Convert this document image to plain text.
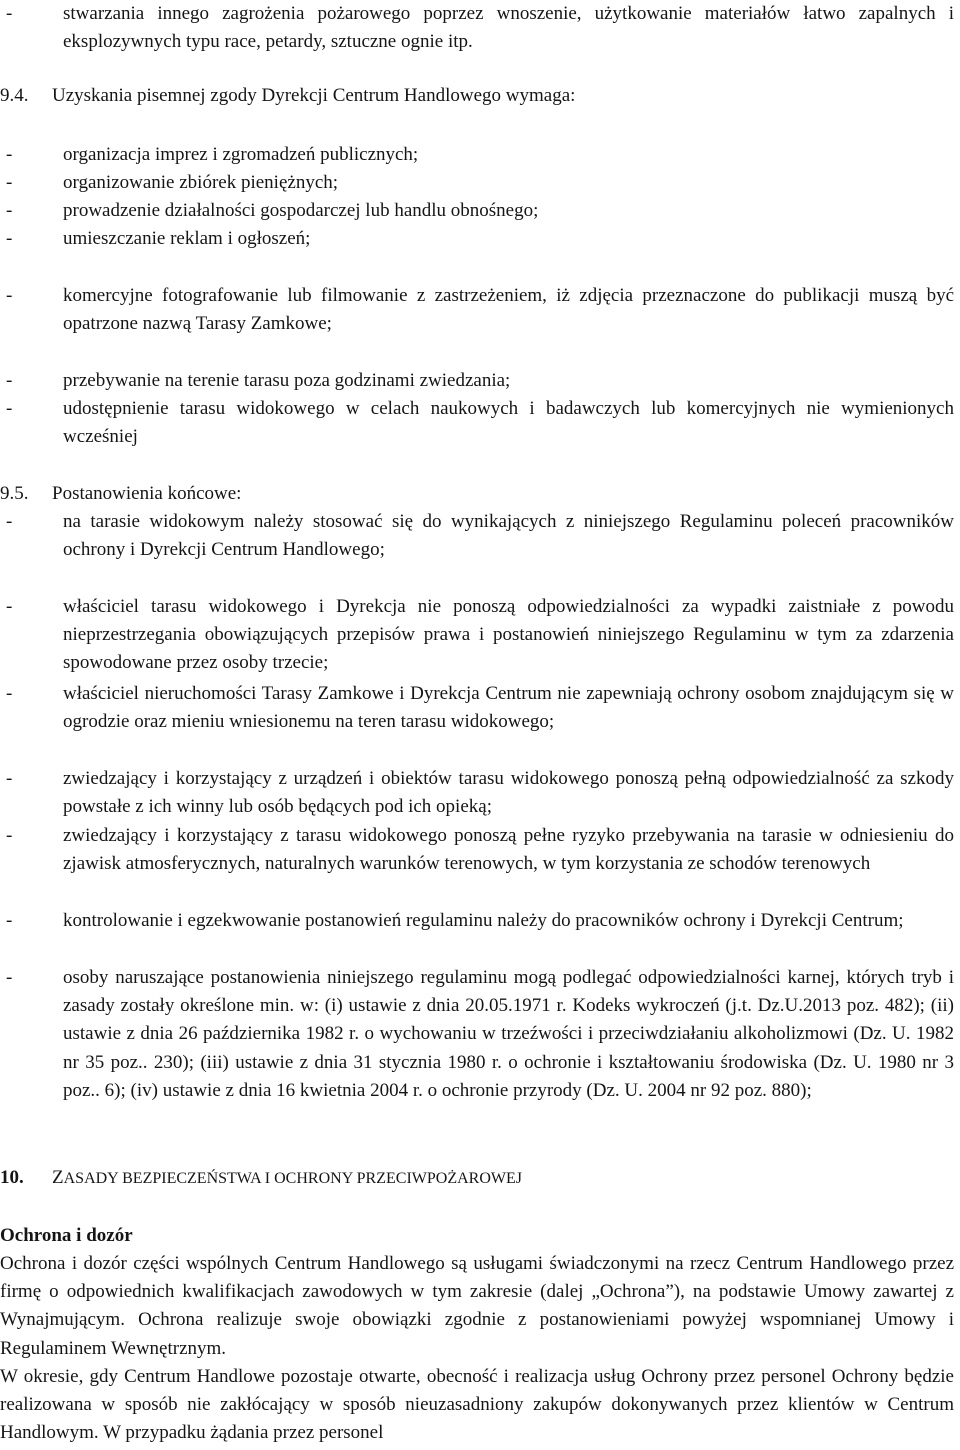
-	stwarzania innego zagrożenia pożarowego poprzez wnoszenie, użytkowanie materiałów łatwo zapalnych i eksplozywnych typu race, petardy, sztuczne ognie itp.
9.4. Uzyskania pisemnej zgody Dyrekcji Centrum Handlowego wymaga:
-	organizacja imprez i zgromadzeń publicznych;
-	organizowanie zbiórek pieniężnych;
-	prowadzenie działalności gospodarczej lub handlu obnośnego;
-	umieszczanie reklam i ogłoszeń;
-	komercyjne fotografowanie lub filmowanie z zastrzeżeniem, iż zdjęcia przeznaczone do publikacji muszą być opatrzone nazwą Tarasy Zamkowe;
-	przebywanie na terenie tarasu poza godzinami zwiedzania;
-	udostępnienie tarasu widokowego w celach naukowych i badawczych lub komercyjnych nie wymienionych wcześniej
9.5. Postanowienia końcowe:
-	na tarasie widokowym należy stosować się do wynikających z niniejszego Regulaminu poleceń pracowników ochrony i Dyrekcji Centrum Handlowego;
-	właściciel tarasu widokowego i Dyrekcja nie ponoszą odpowiedzialności za wypadki zaistniałe z powodu nieprzestrzegania obowiązujących przepisów prawa i postanowień niniejszego Regulaminu w tym za zdarzenia spowodowane przez osoby trzecie;
-	właściciel nieruchomości Tarasy Zamkowe i Dyrekcja Centrum nie zapewniają ochrony osobom znajdującym się w ogrodzie oraz mieniu wniesionemu na teren tarasu widokowego;
-	zwiedzający i korzystający z urządzeń i obiektów tarasu widokowego ponoszą pełną odpowiedzialność za szkody powstałe z ich winny lub osób będących pod ich opieką;
-	zwiedzający i korzystający z tarasu widokowego ponoszą pełne ryzyko przebywania na tarasie w odniesieniu do zjawisk atmosferycznych, naturalnych warunków terenowych, w tym korzystania ze schodów terenowych
-	kontrolowanie i egzekwowanie postanowień regulaminu należy do pracowników ochrony i Dyrekcji Centrum;
-	osoby naruszające postanowienia niniejszego regulaminu mogą podlegać odpowiedzialności karnej, których tryb i zasady zostały określone min. w: (i) ustawie z dnia 20.05.1971 r. Kodeks wykroczeń (j.t. Dz.U.2013 poz. 482); (ii) ustawie z dnia 26 października 1982 r. o wychowaniu w trzeźwości i przeciwdziałaniu alkoholizmowi (Dz. U. 1982 nr 35 poz.. 230); (iii) ustawie z dnia 31 stycznia 1980 r. o ochronie i kształtowaniu środowiska (Dz. U. 1980 nr 3 poz.. 6); (iv) ustawie z dnia 16 kwietnia 2004 r. o ochronie przyrody (Dz. U. 2004 nr 92 poz. 880);
10. ZASADY BEZPIECZEŃSTWA I OCHRONY PRZECIWPOŻAROWEJ
Ochrona i dozór
Ochrona i dozór części wspólnych Centrum Handlowego są usługami świadczonymi na rzecz Centrum Handlowego przez firmę o odpowiednich kwalifikacjach zawodowych w tym zakresie (dalej „Ochrona”), na podstawie Umowy zawartej z Wynajmującym. Ochrona realizuje swoje obowiązki zgodnie z postanowieniami powyżej wspomnianej Umowy i Regulaminem Wewnętrznym.
W okresie, gdy Centrum Handlowe pozostaje otwarte, obecność i realizacja usług Ochrony przez personel Ochrony będzie realizowana w sposób nie zakłócający w sposób nieuzasadniony zakupów dokonywanych przez klientów w Centrum Handlowym. W przypadku żądania przez personel
